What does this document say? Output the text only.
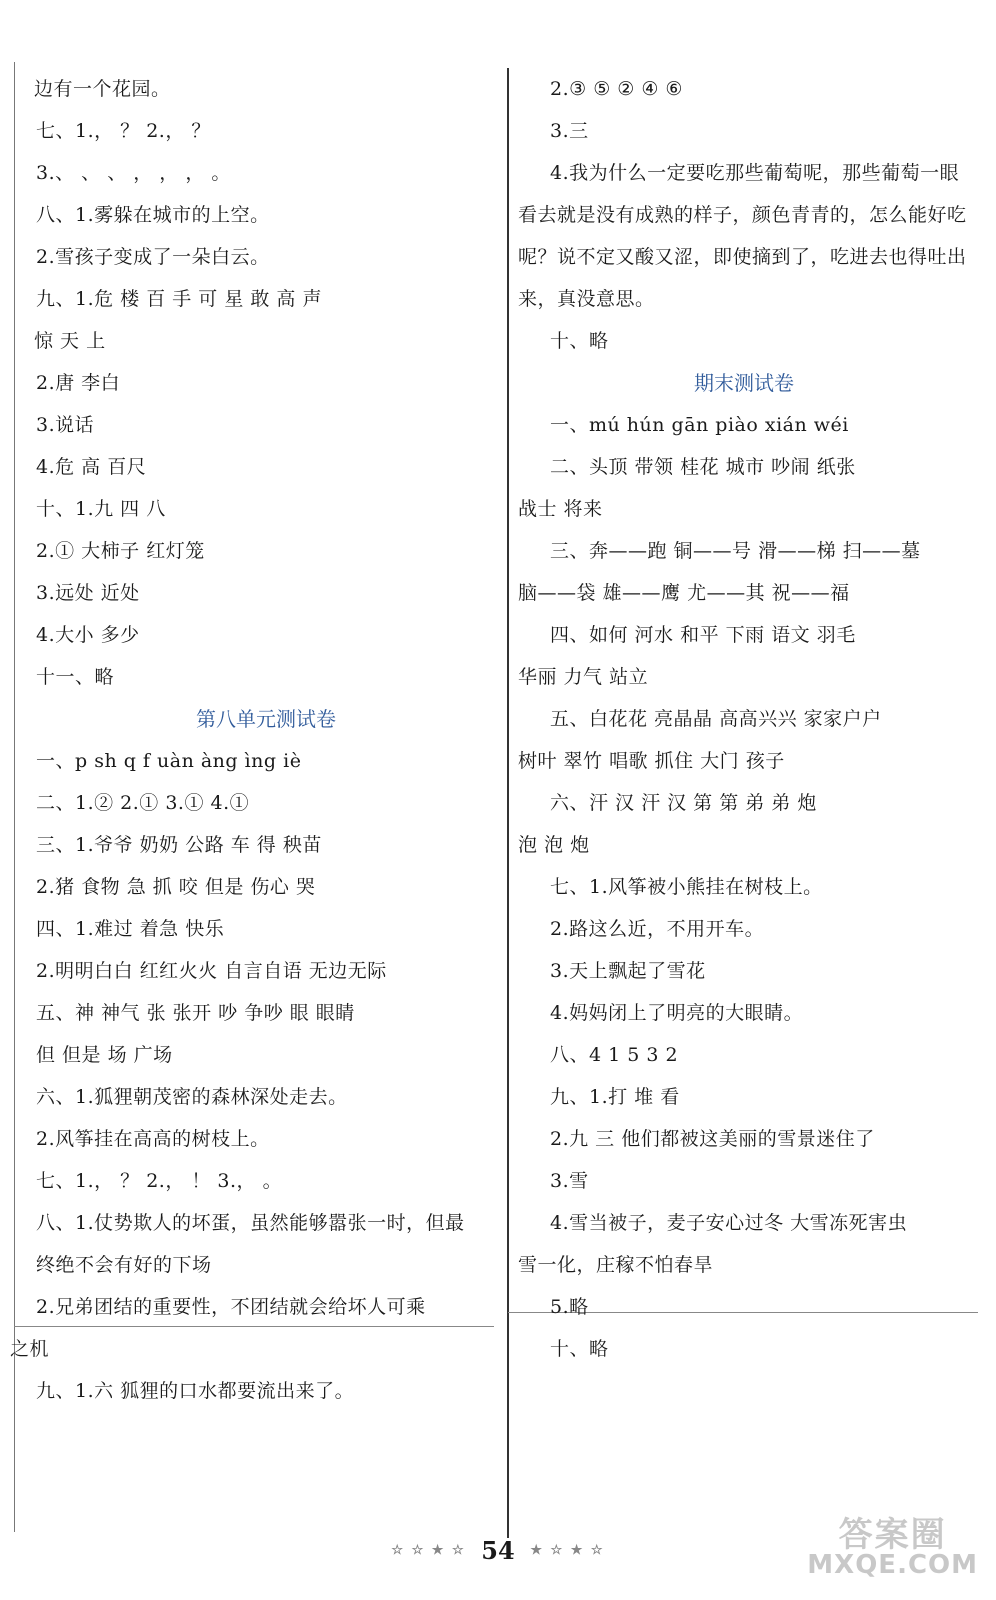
边有一个花园。
七、1.， ？ 2.， ？
3.、 、 、 ， ， ， 。
八、1.雾躲在城市的上空。
2.雪孩子变成了一朵白云。
九、1.危 楼 百 手 可 星 敢 高 声
惊 天 上
2.唐 李白
3.说话
4.危 高 百尺
十、1.九 四 八
2.① 大柿子 红灯笼
3.远处 近处
4.大小 多少
十一、略
第八单元测试卷
一、p sh q f uàn àng ìng iè
二、1.② 2.① 3.① 4.①
三、1.爷爷 奶奶 公路 车 得 秧苗
2.猪 食物 急 抓 咬 但是 伤心 哭
四、1.难过 着急 快乐
2.明明白白 红红火火 自言自语 无边无际
五、神 神气 张 张开 吵 争吵 眼 眼睛
但 但是 场 广场
六、1.狐狸朝茂密的森林深处走去。
2.风筝挂在高高的树枝上。
七、1.， ？ 2.， ！ 3.， 。
八、1.仗势欺人的坏蛋，虽然能够嚣张一时，但最
终绝不会有好的下场
2.兄弟团结的重要性，不团结就会给坏人可乘
之机
九、1.六 狐狸的口水都要流出来了。
2.③ ⑤ ② ④ ⑥
3.三
4.我为什么一定要吃那些葡萄呢，那些葡萄一眼
看去就是没有成熟的样子，颜色青青的，怎么能好吃
呢？说不定又酸又涩，即使摘到了，吃进去也得吐出
来，真没意思。
十、略
期末测试卷
一、mú hún gān piào xián wéi
二、头顶 带领 桂花 城市 吵闹 纸张
战士 将来
三、奔——跑 铜——号 滑——梯 扫——墓
脑——袋 雄——鹰 尤——其 祝——福
四、如何 河水 和平 下雨 语文 羽毛
华丽 力气 站立
五、白花花 亮晶晶 高高兴兴 家家户户
树叶 翠竹 唱歌 抓住 大门 孩子
六、汗 汉 汗 汉 第 第 弟 弟 炮
泡 泡 炮
七、1.风筝被小熊挂在树枝上。
2.路这么近，不用开车。
3.天上飘起了雪花
4.妈妈闭上了明亮的大眼睛。
八、4 1 5 3 2
九、1.打 堆 看
2.九 三 他们都被这美丽的雪景迷住了
3.雪
4.雪当被子，麦子安心过冬 大雪冻死害虫
雪一化，庄稼不怕春旱
5.略
十、略
☆ ☆ ★ ☆ 54 ★ ☆ ★ ☆	答案圈
MXQE.COM
